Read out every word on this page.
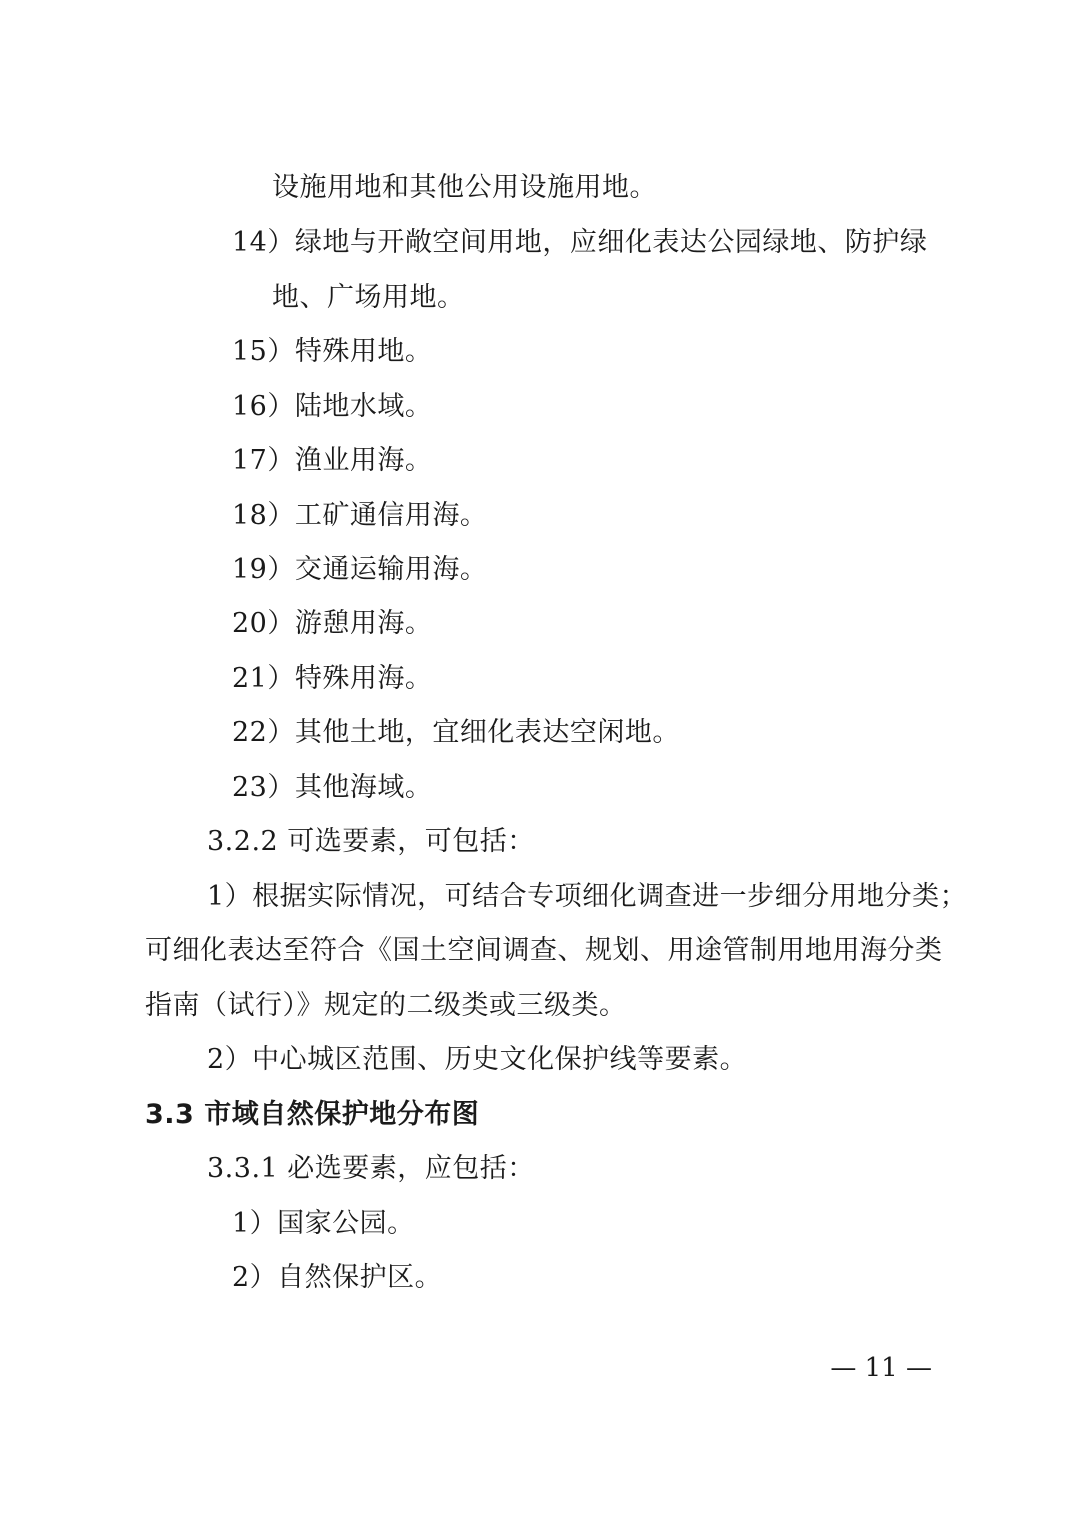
设施用地和其他公用设施用地。
14）绿地与开敞空间用地，应细化表达公园绿地、防护绿
地、广场用地。
15）特殊用地。
16）陆地水域。
17）渔业用海。
18）工矿通信用海。
19）交通运输用海。
20）游憩用海。
21）特殊用海。
22）其他土地，宜细化表达空闲地。
23）其他海域。
3.2.2 可选要素，可包括：
1）根据实际情况，可结合专项细化调查进一步细分用地分类；
可细化表达至符合《国土空间调查、规划、用途管制用地用海分类
指南（试行）》规定的二级类或三级类。
2）中心城区范围、历史文化保护线等要素。
3.3 市域自然保护地分布图
3.3.1 必选要素，应包括：
1）国家公园。
2）自然保护区。
— 11 —
